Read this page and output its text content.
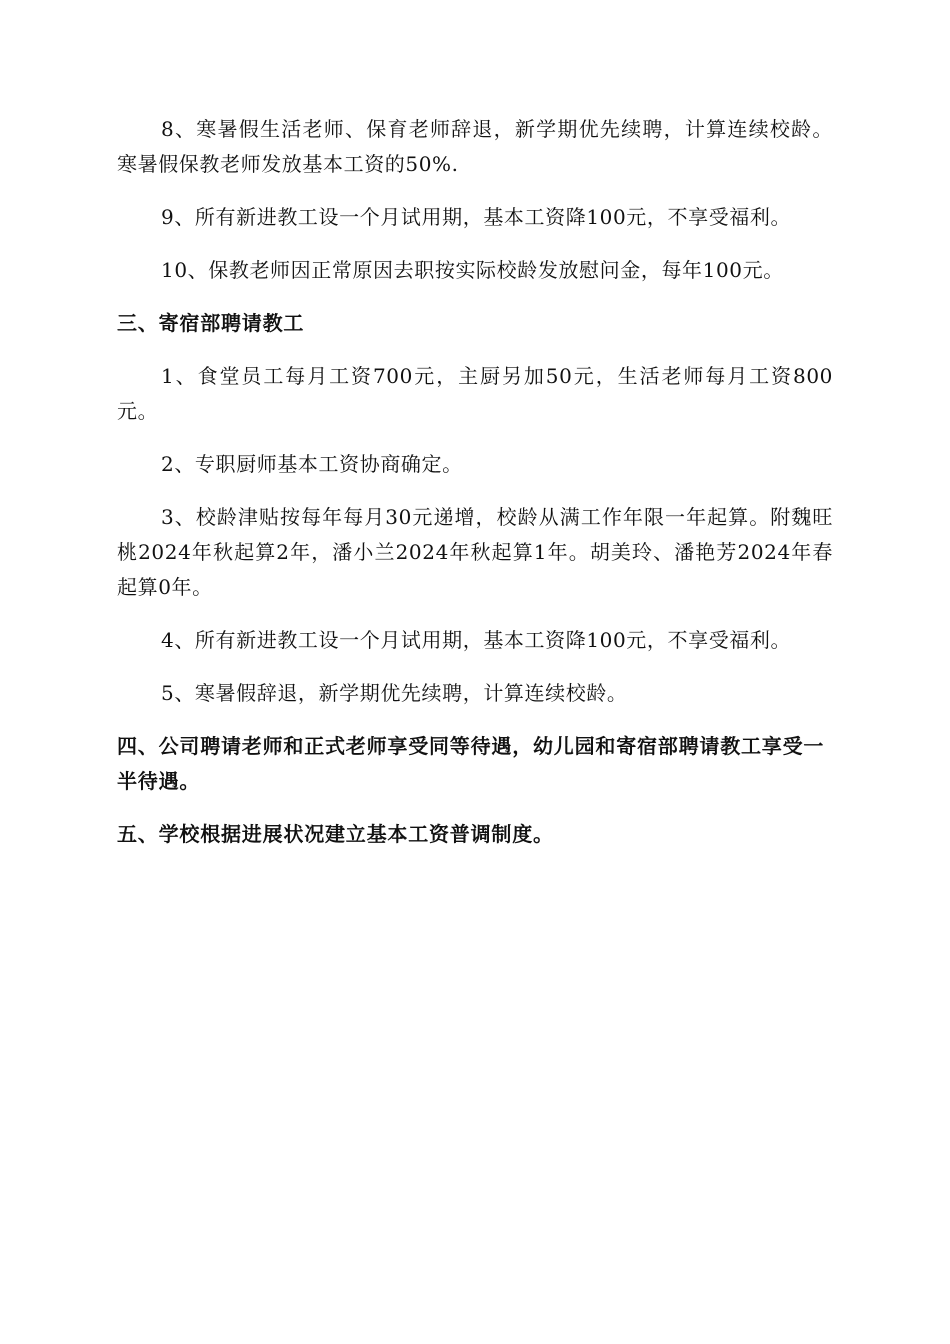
8、寒暑假生活老师、保育老师辞退，新学期优先续聘，计算连续校龄。寒暑假保教老师发放基本工资的50%.

9、所有新进教工设一个月试用期，基本工资降100元，不享受福利。

10、保教老师因正常原因去职按实际校龄发放慰问金，每年100元。

三、寄宿部聘请教工

1、食堂员工每月工资700元，主厨另加50元，生活老师每月工资800元。

2、专职厨师基本工资协商确定。

3、校龄津贴按每年每月30元递增，校龄从满工作年限一年起算。附魏旺桃2024年秋起算2年，潘小兰2024年秋起算1年。胡美玲、潘艳芳2024年春起算0年。

4、所有新进教工设一个月试用期，基本工资降100元，不享受福利。

5、寒暑假辞退，新学期优先续聘，计算连续校龄。

四、公司聘请老师和正式老师享受同等待遇，幼儿园和寄宿部聘请教工享受一半待遇。

五、学校根据进展状况建立基本工资普调制度。
